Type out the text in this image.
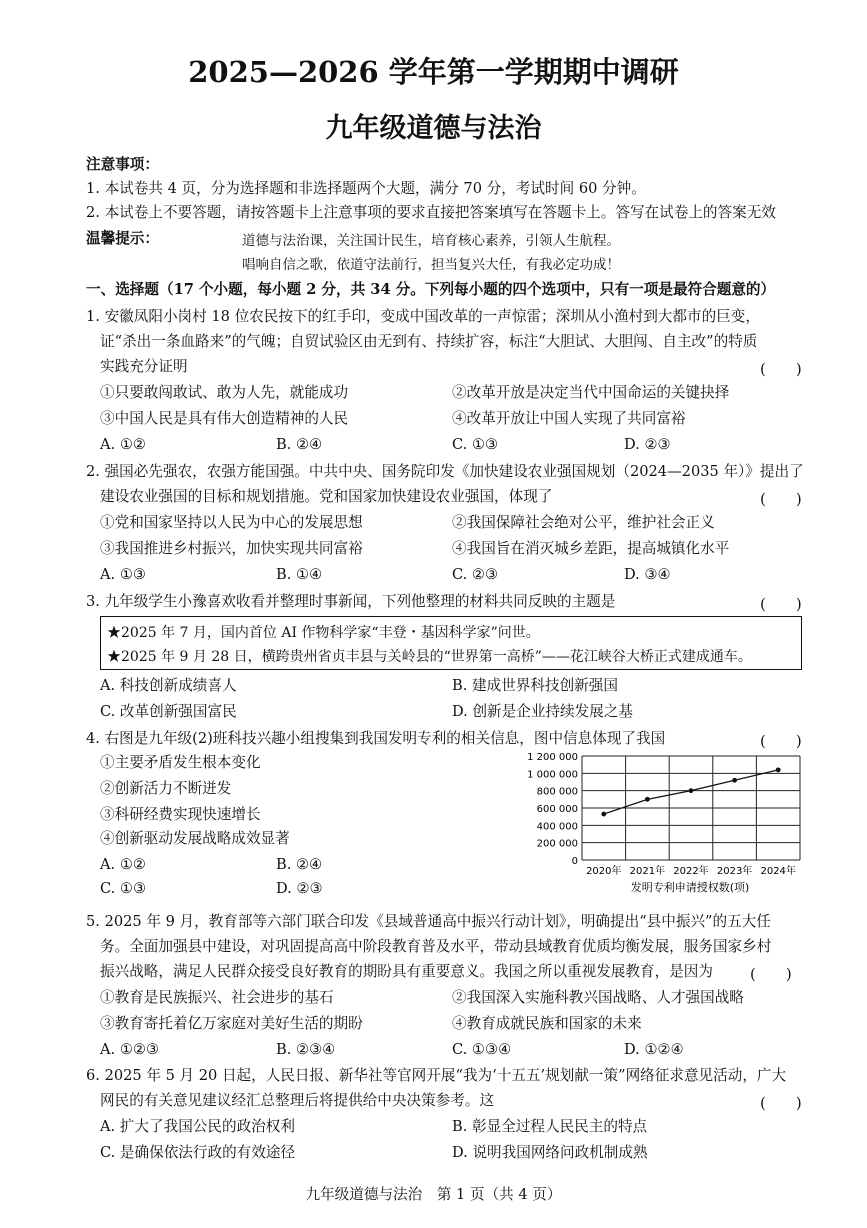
2025—2026 学年第一学期期中调研
九年级道德与法治
注意事项：
1. 本试卷共 4 页，分为选择题和非选择题两个大题，满分 70 分，考试时间 60 分钟。
2. 本试卷上不要答题，请按答题卡上注意事项的要求直接把答案填写在答题卡上。答写在试卷上的答案无效
温馨提示：	道德与法治课，关注国计民生，培育核心素养，引领人生航程。
唱响自信之歌，依道守法前行，担当复兴大任，有我必定功成！
一、选择题（17 个小题，每小题 2 分，共 34 分。下列每小题的四个选项中，只有一项是最符合题意的）
1. 安徽凤阳小岗村 18 位农民按下的红手印，变成中国改革的一声惊雷；深圳从小渔村到大都市的巨变，
证“杀出一条血路来”的气魄；自贸试验区由无到有、持续扩容，标注“大胆试、大胆闯、自主改”的特质
实践充分证明	(　　)
①只要敢闯敢试、敢为人先，就能成功	②改革开放是决定当代中国命运的关键抉择
③中国人民是具有伟大创造精神的人民	④改革开放让中国人实现了共同富裕
A. ①②	B. ②④	C. ①③	D. ②③
2. 强国必先强农，农强方能国强。中共中央、国务院印发《加快建设农业强国规划（2024—2035 年）》提出了
建设农业强国的目标和规划措施。党和国家加快建设农业强国，体现了	(　　)
①党和国家坚持以人民为中心的发展思想	②我国保障社会绝对公平，维护社会正义
③我国推进乡村振兴，加快实现共同富裕	④我国旨在消灭城乡差距，提高城镇化水平
A. ①③	B. ①④	C. ②③	D. ③④
3. 九年级学生小豫喜欢收看并整理时事新闻，下列他整理的材料共同反映的主题是	(　　)
★2025 年 7 月，国内首位 AI 作物科学家“丰登・基因科学家”问世。
★2025 年 9 月 28 日，横跨贵州省贞丰县与关岭县的“世界第一高桥”——花江峡谷大桥正式建成通车。
A. 科技创新成绩喜人	B. 建成世界科技创新强国
C. 改革创新强国富民	D. 创新是企业持续发展之基
4. 右图是九年级(2)班科技兴趣小组搜集到我国发明专利的相关信息，图中信息体现了我国	(　　)
①主要矛盾发生根本变化
②创新活力不断迸发
③科研经费实现快速增长
④创新驱动发展战略成效显著
A. ①②	B. ②④
C. ①③	D. ②③
1 200 000
1 000 000
800 000
600 000
400 000
200 000
0
2020年 2021年 2022年 2023年 2024年
发明专利申请授权数(项)
5. 2025 年 9 月，教育部等六部门联合印发《县域普通高中振兴行动计划》，明确提出“县中振兴”的五大任
务。全面加强县中建设，对巩固提高高中阶段教育普及水平，带动县域教育优质均衡发展，服务国家乡村
振兴战略，满足人民群众接受良好教育的期盼具有重要意义。我国之所以重视发展教育，是因为 (　　)
①教育是民族振兴、社会进步的基石	②我国深入实施科教兴国战略、人才强国战略
③教育寄托着亿万家庭对美好生活的期盼	④教育成就民族和国家的未来
A. ①②③	B. ②③④	C. ①③④	D. ①②④
6. 2025 年 5 月 20 日起，人民日报、新华社等官网开展“我为‘十五五’规划献一策”网络征求意见活动，广大
网民的有关意见建议经汇总整理后将提供给中央决策参考。这	(　　)
A. 扩大了我国公民的政治权利	B. 彰显全过程人民民主的特点
C. 是确保依法行政的有效途径	D. 说明我国网络问政机制成熟
九年级道德与法治　第 1 页（共 4 页）
